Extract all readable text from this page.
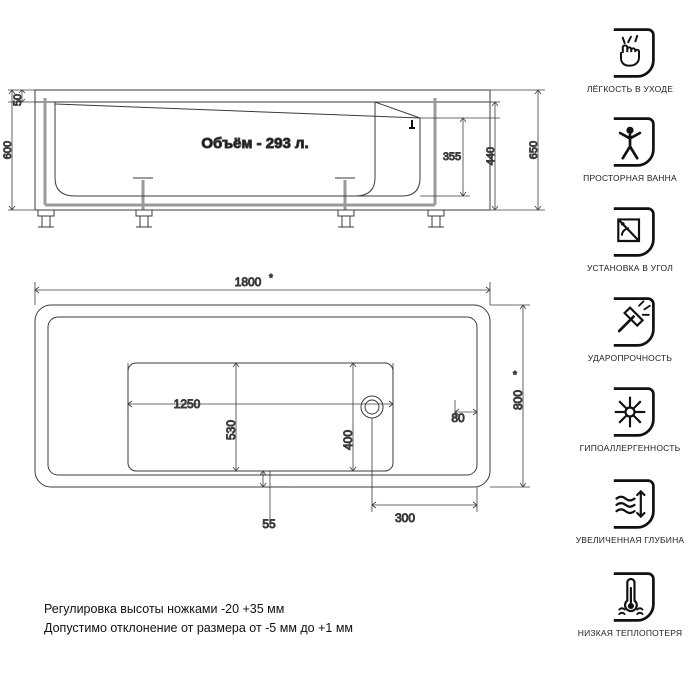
50
600	650
440
355
Объём - 293 л.
1800 *
800
*
1250
530	400
80
55	300
Регулировка высоты ножками -20 +35 мм
Допустимо отклонение от размера от -5 мм до +1 мм
ЛЁГКОСТЬ В УХОДЕ
ПРОСТОРНАЯ ВАННА
УСТАНОВКА В УГОЛ
УДАРОПРОЧНОСТЬ
ГИПОАЛЛЕРГЕННОСТЬ
УВЕЛИЧЕННАЯ ГЛУБИНА
НИЗКАЯ ТЕПЛОПОТЕРЯ
